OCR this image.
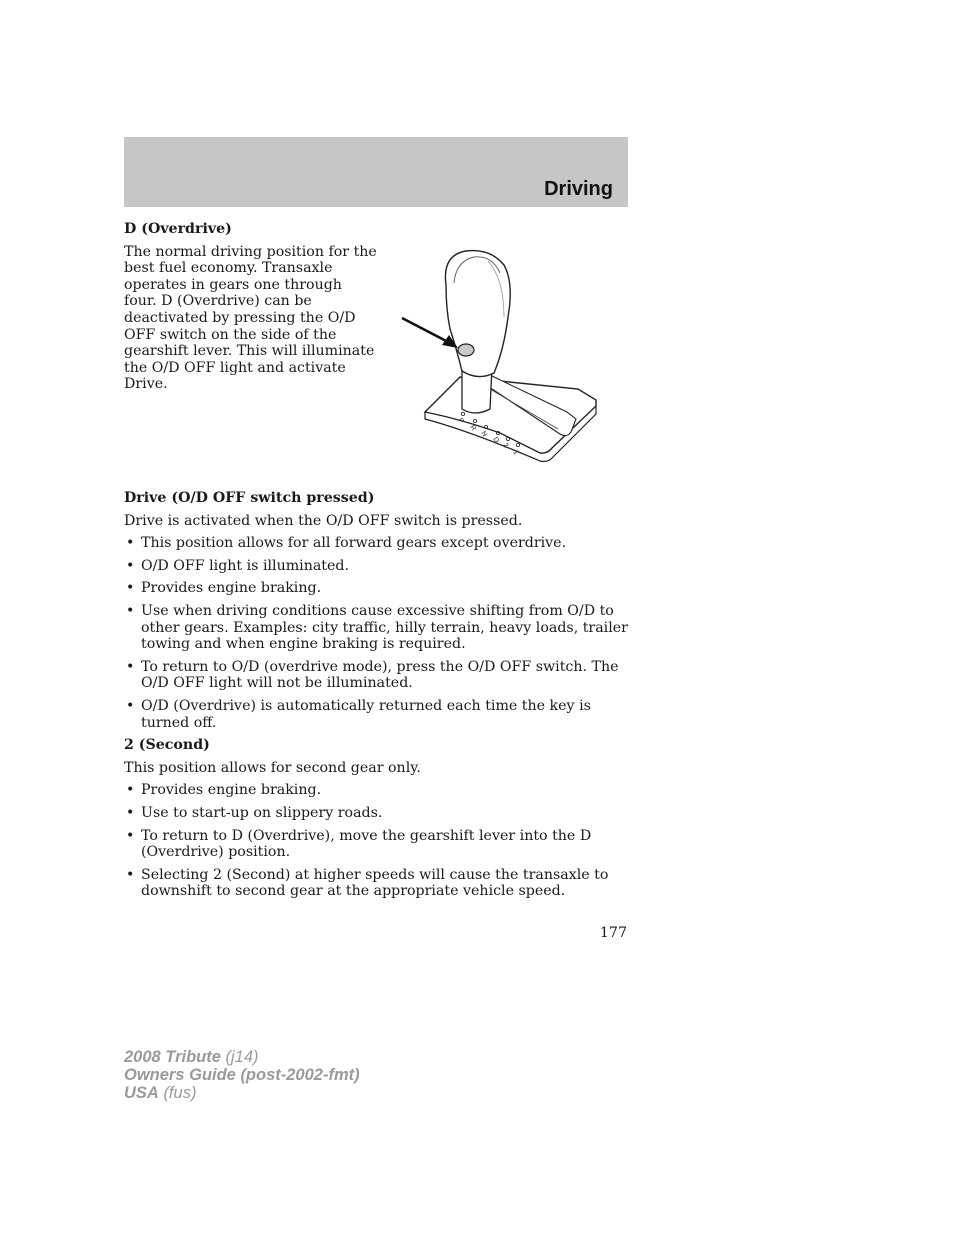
Driving
D (Overdrive)
The normal driving position for the best fuel economy. Transaxle operates in gears one through four. D (Overdrive) can be deactivated by pressing the O/D OFF switch on the side of the gearshift lever. This will illuminate the O/D OFF light and activate Drive.
P
R
N
D
2
1
Drive (O/D OFF switch pressed)
Drive is activated when the O/D OFF switch is pressed.
• This position allows for all forward gears except overdrive.
• O/D OFF light is illuminated.
• Provides engine braking.
• Use when driving conditions cause excessive shifting from O/D to other gears. Examples: city traffic, hilly terrain, heavy loads, trailer towing and when engine braking is required.
• To return to O/D (overdrive mode), press the O/D OFF switch. The O/D OFF light will not be illuminated.
• O/D (Overdrive) is automatically returned each time the key is turned off.
2 (Second)
This position allows for second gear only.
• Provides engine braking.
• Use to start-up on slippery roads.
• To return to D (Overdrive), move the gearshift lever into the D (Overdrive) position.
• Selecting 2 (Second) at higher speeds will cause the transaxle to downshift to second gear at the appropriate vehicle speed.
177
2008 Tribute (j14)
Owners Guide (post-2002-fmt)
USA (fus)
